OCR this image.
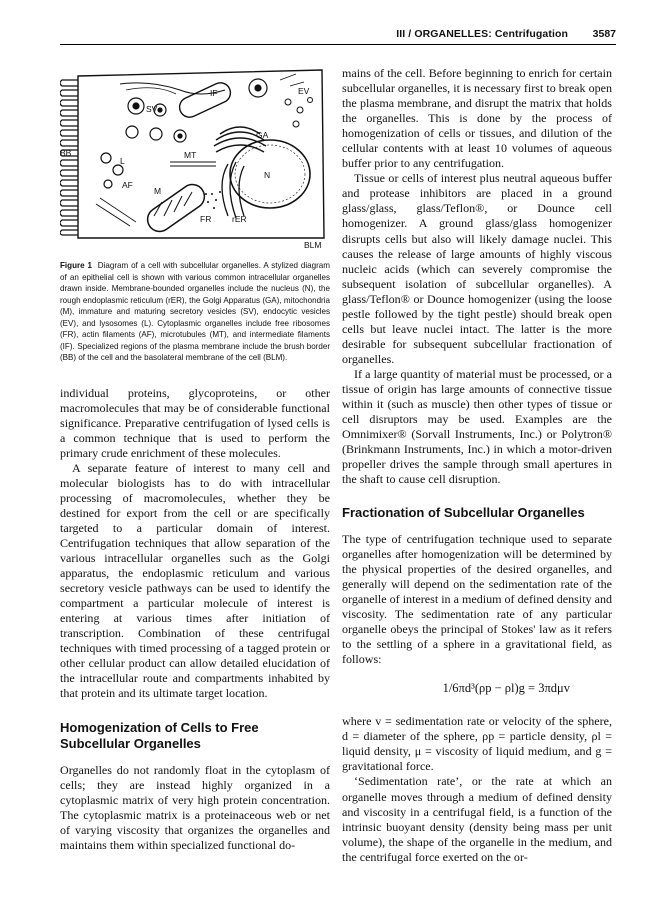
III / ORGANELLES: Centrifugation 3587
IF
SV
EV
GA
BB	MT
L
N
AF
M
FR rER
BLM

Figure 1 Diagram of a cell with subcellular organelles. A stylized diagram of an epithelial cell is shown with various common intracellular organelles drawn inside. Membrane-bounded organelles include the nucleus (N), the rough endoplasmic reticulum (rER), the Golgi Apparatus (GA), mitochondria (M), immature and maturing secretory vesicles (SV), endocytic vesicles (EV), and lysosomes (L). Cytoplasmic organelles include free ribosomes (FR), actin filaments (AF), microtubules (MT), and intermediate filaments (IF). Specialized regions of the plasma membrane include the brush border (BB) of the cell and the basolateral membrane of the cell (BLM).

individual proteins, glycoproteins, or other macromolecules that may be of considerable functional significance. Preparative centrifugation of lysed cells is a common technique that is used to perform the primary crude enrichment of these molecules.

A separate feature of interest to many cell and molecular biologists has to do with intracellular processing of macromolecules, whether they be destined for export from the cell or are specifically targeted to a particular domain of interest. Centrifugation techniques that allow separation of the various intracellular organelles such as the Golgi apparatus, the endoplasmic reticulum and various secretory vesicle pathways can be used to identify the compartment a particular molecule of interest is entering at various times after initiation of transcription. Combination of these centrifugal techniques with timed processing of a tagged protein or other cellular product can allow detailed elucidation of the intracellular route and compartments inhabited by that protein and its ultimate target location.

Homogenization of Cells to Free Subcellular Organelles

Organelles do not randomly float in the cytoplasm of cells; they are instead highly organized in a cytoplasmic matrix of very high protein concentration. The cytoplasmic matrix is a proteinaceous web or net of varying viscosity that organizes the organelles and maintains them within specialized functional do-

mains of the cell. Before beginning to enrich for certain subcellular organelles, it is necessary first to break open the plasma membrane, and disrupt the matrix that holds the organelles. This is done by the process of homogenization of cells or tissues, and dilution of the cellular contents with at least 10 volumes of aqueous buffer prior to any centrifugation.

Tissue or cells of interest plus neutral aqueous buffer and protease inhibitors are placed in a ground glass/glass, glass/Teflon®, or Dounce cell homogenizer. A ground glass/glass homogenizer disrupts cells but also will likely damage nuclei. This causes the release of large amounts of highly viscous nucleic acids (which can severely compromise the subsequent isolation of subcellular organelles). A glass/Teflon® or Dounce homogenizer (using the loose pestle followed by the tight pestle) should break open cells but leave nuclei intact. The latter is the more desirable for subsequent subcellular fractionation of organelles.

If a large quantity of material must be processed, or a tissue of origin has large amounts of connective tissue within it (such as muscle) then other types of tissue or cell disruptors may be used. Examples are the Omnimixer® (Sorvall Instruments, Inc.) or Polytron® (Brinkmann Instruments, Inc.) in which a motor-driven propeller drives the sample through small apertures in the shaft to cause cell disruption.

Fractionation of Subcellular Organelles

The type of centrifugation technique used to separate organelles after homogenization will be determined by the physical properties of the desired organelles, and generally will depend on the sedimentation rate of the organelle of interest in a medium of defined density and viscosity. The sedimentation rate of any particular organelle obeys the principal of Stokes' law as it refers to the settling of a sphere in a gravitational field, as follows:

1/6πd³(ρp − ρl)g = 3πdμv

where v = sedimentation rate or velocity of the sphere, d = diameter of the sphere, ρp = particle density, ρl = liquid density, μ = viscosity of liquid medium, and g = gravitational force.

‘Sedimentation rate’, or the rate at which an organelle moves through a medium of defined density and viscosity in a centrifugal field, is a function of the intrinsic buoyant density (density being mass per unit volume), the shape of the organelle in the medium, and the centrifugal force exerted on the or-
